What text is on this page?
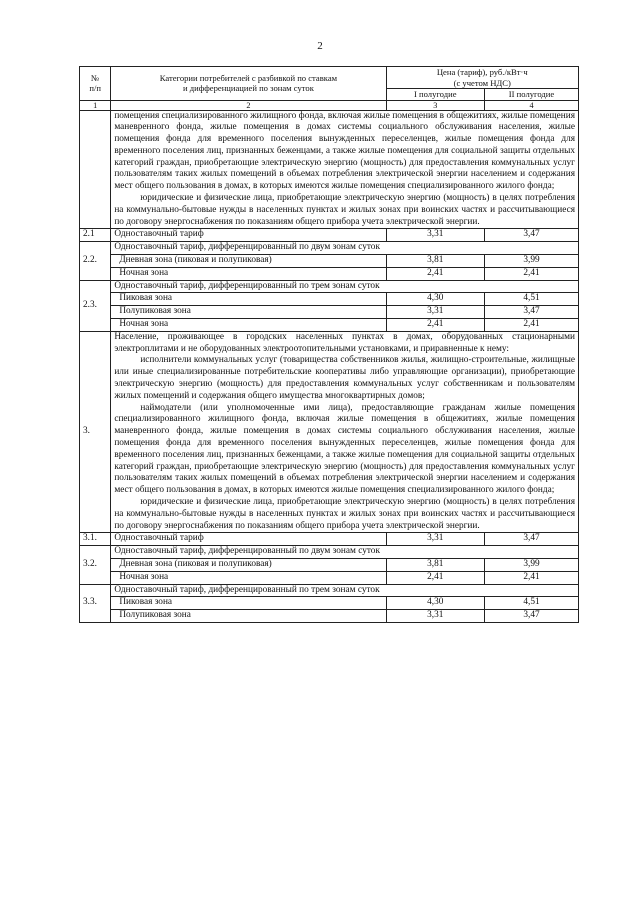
2
№
п/п	Категории потребителей с разбивкой по ставкам
и дифференциацией по зонам суток	Цена (тариф), руб./кВт·ч
(с учетом НДС)	
		I полугодие	II полугодие
1	2	3	4

	помещения специализированного жилищного фонда, включая жилые помещения в общежитиях, жилые помещения маневренного фонда, жилые помещения в домах системы социального обслуживания населения, жилые помещения фонда для временного поселения вынужденных переселенцев, жилые помещения фонда для временного поселения лиц, признанных беженцами, а также жилые помещения для социальной защиты отдельных категорий граждан, приобретающие электрическую энергию (мощность) для предоставления коммунальных услуг пользователям таких жилых помещений в объемах потребления электрической энергии населением и содержания мест общего пользования в домах, в которых имеются жилые помещения специализированного жилого фонда;

юридические и физические лица, приобретающие электрическую энергию (мощность) в целях потребления на коммунально-бытовые нужды в населенных пунктах и жилых зонах при воинских частях и рассчитывающиеся по договору энергоснабжения по показаниям общего прибора учета электрической энергии.		

2.1	Одноставочный тариф	3,31	3,47
2.2.	Одноставочный тариф, дифференцированный по двум зонам суток		
	Дневная зона (пиковая и полупиковая)	3,81	3,99
	Ночная зона	2,41	2,41
2.3.	Одноставочный тариф, дифференцированный по трем зонам суток		
	Пиковая зона	4,30	4,51
	Полупиковая зона	3,31	3,47
	Ночная зона	2,41	2,41
3.	Население, проживающее в городских населенных пунктах в домах, оборудованных стационарными электроплитами и не оборудованных электроотопительными установками, и приравненные к нему:

исполнители коммунальных услуг (товарищества собственников жилья, жилищно-строительные, жилищные или иные специализированные потребительские кооперативы либо управляющие организации), приобретающие электрическую энергию (мощность) для предоставления коммунальных услуг собственникам и пользователям жилых помещений и содержания общего имущества многоквартирных домов;

наймодатели (или уполномоченные ими лица), предоставляющие гражданам жилые помещения специализированного жилищного фонда, включая жилые помещения в общежитиях, жилые помещения маневренного фонда, жилые помещения в домах системы социального обслуживания населения, жилые помещения фонда для временного поселения вынужденных переселенцев, жилые помещения фонда для временного поселения лиц, признанных беженцами, а также жилые помещения для социальной защиты отдельных категорий граждан, приобретающие электрическую энергию (мощность) для предоставления коммунальных услуг пользователям таких жилых помещений в объемах потребления электрической энергии населением и содержания мест общего пользования в домах, в которых имеются жилые помещения специализированного жилого фонда;

юридические и физические лица, приобретающие электрическую энергию (мощность) в целях потребления на коммунально-бытовые нужды в населенных пунктах и жилых зонах при воинских частях и рассчитывающиеся по договору энергоснабжения по показаниям общего прибора учета электрической энергии.		

3.1.	Одноставочный тариф	3,31	3,47
3.2.	Одноставочный тариф, дифференцированный по двум зонам суток		
	Дневная зона (пиковая и полупиковая)	3,81	3,99
	Ночная зона	2,41	2,41
3.3.	Одноставочный тариф, дифференцированный по трем зонам суток		
	Пиковая зона	4,30	4,51
	Полупиковая зона	3,31	3,47
